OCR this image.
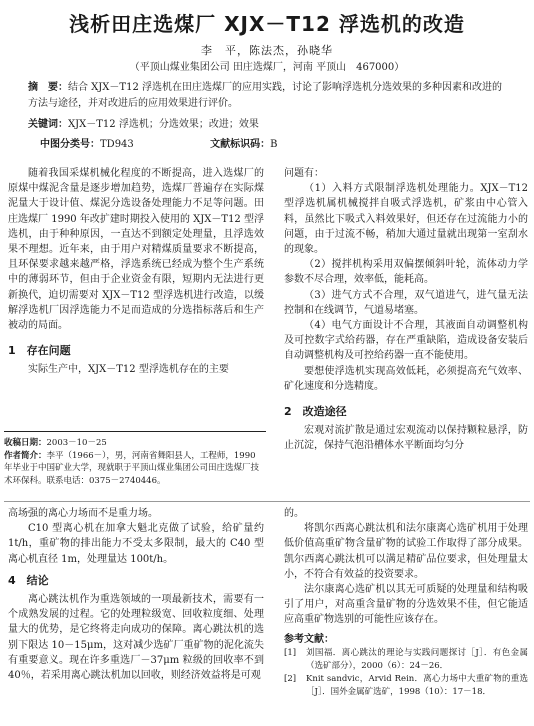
浅析田庄选煤厂 XJX－T12 浮选机的改造
李　平，陈法杰，孙晓华
（平顶山煤业集团公司 田庄选煤厂，河南 平顶山　467000）
摘　要：结合 XJX－T12 浮选机在田庄选煤厂的应用实践，讨论了影响浮选机分选效果的多种因素和改进的方法与途径，并对改进后的应用效果进行评价。
关键词：XJX－T12 浮选机；分选效果；改进；效果
中图分类号：TD943	文献标识码：B

随着我国采煤机械化程度的不断提高，进入选煤厂的原煤中煤泥含量是逐步增加趋势，选煤厂普遍存在实际煤泥量大于设计值、煤泥分选设备处理能力不足等问题。田庄选煤厂 1990 年改扩建时期投入使用的 XJX－T12 型浮选机，由于种种原因，一直达不到额定处理量，且浮选效果不理想。近年来，由于用户对精煤质量要求不断提高，且环保要求越来越严格，浮选系统已经成为整个生产系统中的薄弱环节，但由于企业资金有限，短期内无法进行更新换代，迫切需要对 XJX－T12 型浮选机进行改造，以缓解浮选机厂因浮选能力不足而造成的分选指标落后和生产被动的局面。

1　存在问题

实际生产中，XJX－T12 型浮选机存在的主要

收稿日期：2003－10－25
作者简介：李平（1966－），男，河南省舞阳县人，工程师，1990 年毕业于中国矿业大学，现就职于平顶山煤业集团公司田庄选煤厂技术环保科。联系电话：0375－2740446。

问题有：

（1）入料方式限制浮选机处理能力。XJX－T12 型浮选机属机械搅拌自吸式浮选机，矿浆由中心管入料，虽然比下吸式入料效果好，但还存在过流能力小的问题，由于过流不畅，稍加大通过量就出现第一室刮水的现象。

（2）搅拌机构采用双偏摆倾斜叶轮，流体动力学参数不尽合理，效率低，能耗高。

（3）进气方式不合理，双气道进气，进气量无法控制和在线调节，气道易堵塞。

（4）电气方面设计不合理，其液面自动调整机构及可控数字式给药器，存在严重缺陷，造成设备安装后自动调整机构及可控给药器一直不能使用。

要想使浮选机实现高效低耗，必须提高充气效率、矿化速度和分选精度。

2　改造途径

宏观对流扩散是通过宏观流动以保持颗粒悬浮，防止沉淀，保持气泡沿槽体水平断面均匀分

高场强的离心力场而不是重力场。

C10 型离心机在加拿大魁北克做了试验，给矿量约 1t/h，重矿物的排出能力不受太多限制，最大的 C40 型离心机直径 1m，处理量达 100t/h。

4　结论

离心跳汰机作为重选领域的一项最新技术，需要有一个成熟发展的过程。它的处理粒级宽、回收粒度细、处理量大的优势，是它终将走向成功的保障。离心跳汰机的选别下限达 10－15μm，这对减少选矿厂重矿物的泥化流失有重要意义。现在许多重选厂－37μm 粒级的回收率不到 40％，若采用离心跳汰机加以回收，则经济效益将是可观

的。

将凯尔西离心跳汰机和法尔康离心选矿机用于处理低价值高重矿物含量矿物的试验工作取得了部分成果。凯尔西离心跳汰机可以满足精矿品位要求，但处理量太小，不符合有效益的投资要求。

法尔康离心选矿机以其无可质疑的处理量和结构吸引了用户，对高重含量矿物的分选效果不佳，但它能适应高重矿物选别的可能性应该存在。

参考文献：
[1]	刘国福．离心跳汰的理论与实践问题探讨［J］．有色金属（选矿部分），2000（6）：24－26．
[2]	Knit sandvic，Arvid Rein．离心力场中大重矿物的重选［J］．国外金属矿选矿，1998（10）：17－18．
